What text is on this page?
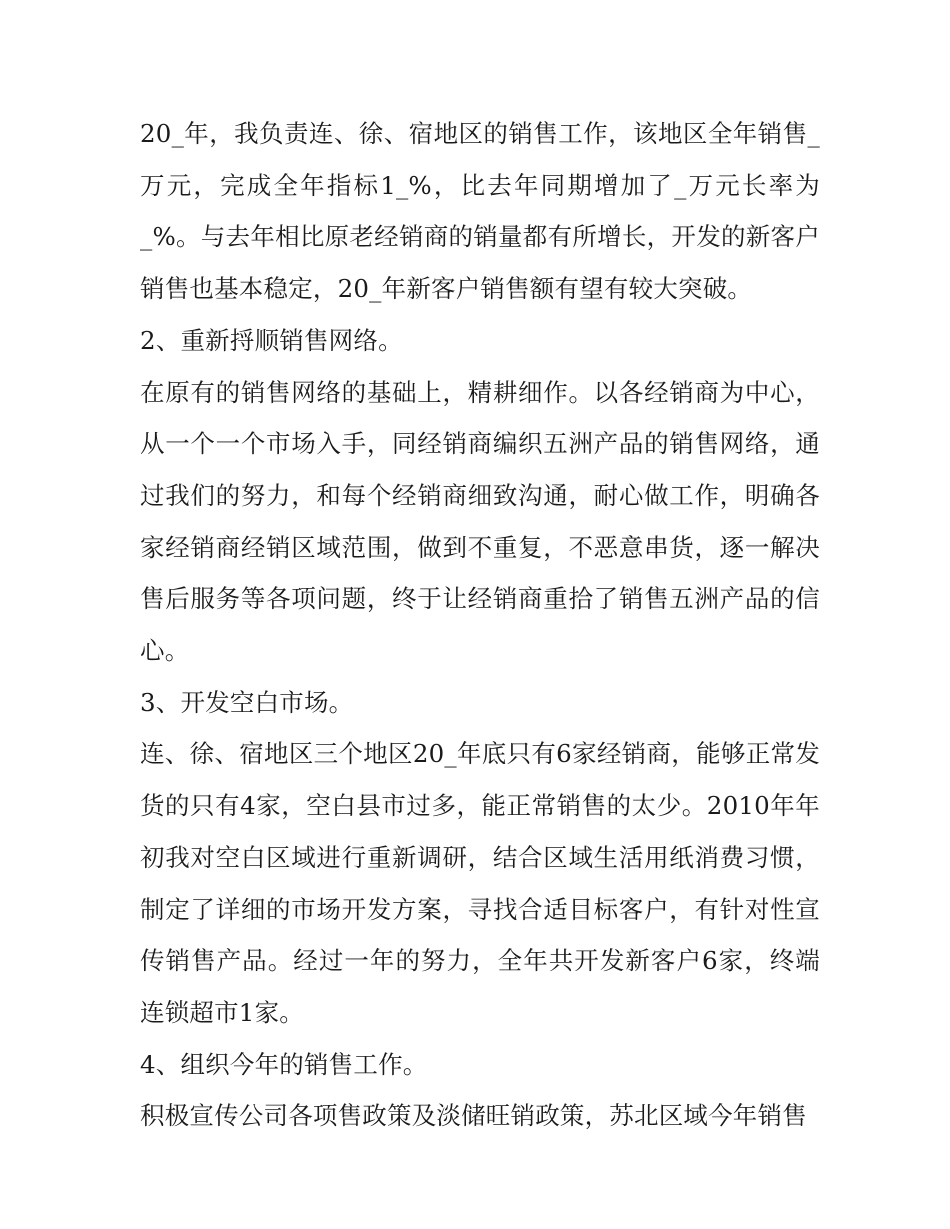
20_年，我负责连、徐、宿地区的销售工作，该地区全年销售_万元，完成全年指标1_%，比去年同期增加了_万元长率为_%。与去年相比原老经销商的销量都有所增长，开发的新客户销售也基本稳定，20_年新客户销售额有望有较大突破。

2、重新捋顺销售网络。

在原有的销售网络的基础上，精耕细作。以各经销商为中心，从一个一个市场入手，同经销商编织五洲产品的销售网络，通过我们的努力，和每个经销商细致沟通，耐心做工作，明确各家经销商经销区域范围，做到不重复，不恶意串货，逐一解决售后服务等各项问题，终于让经销商重拾了销售五洲产品的信心。

3、开发空白市场。

连、徐、宿地区三个地区20_年底只有6家经销商，能够正常发货的只有4家，空白县市过多，能正常销售的太少。2010年年初我对空白区域进行重新调研，结合区域生活用纸消费习惯，制定了详细的市场开发方案，寻找合适目标客户，有针对性宣传销售产品。经过一年的努力，全年共开发新客户6家，终端连锁超市1家。

4、组织今年的销售工作。

积极宣传公司各项售政策及淡储旺销政策，苏北区域今年销售
